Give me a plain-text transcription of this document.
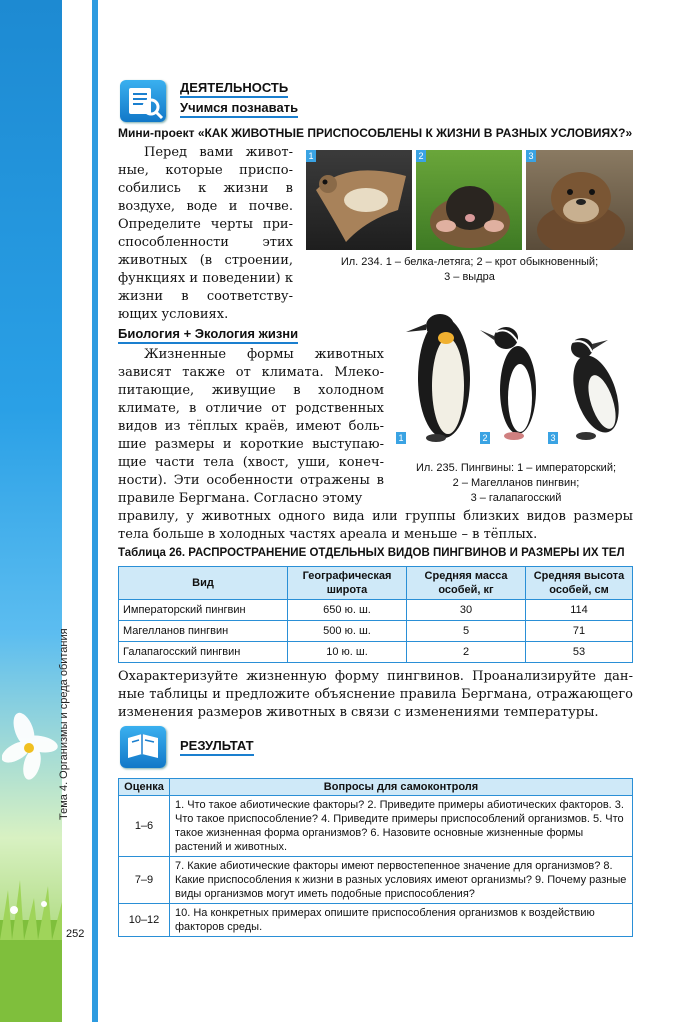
Тема 4. Организмы и среда обитания
252
ДЕЯТЕЛЬНОСТЬ
Учимся познавать
Мини-проект «КАК ЖИВОТНЫЕ ПРИСПОСОБЛЕНЫ К ЖИЗНИ В РАЗНЫХ УСЛОВИЯХ?»
Перед вами животные, которые приспособились к жизни в воздухе, воде и почве. Определите черты приспособленности этих животных (в строении, функциях и поведении) к жизни в соответствующих условиях.
1	2	3
Ил. 234. 1 – белка-летяга; 2 – крот обыкновенный;
3 – выдра
Биология + Экология жизни
Жизненные формы животных зависят также от климата. Млекопитающие, живущие в холодном климате, в отличие от родственных видов из тёплых краёв, имеют большие размеры и короткие выступающие части тела (хвост, уши, конечности). Эти особенности отражены в правиле Бергмана. Согласно этому
правилу, у животных одного вида или группы близких видов размеры тела больше в холодных частях ареала и меньше – в тёплых.
1	2	3
Ил. 235. Пингвины: 1 – императорский;
2 – Магелланов пингвин;
3 – галапагосский
Таблица 26. РАСПРОСТРАНЕНИЕ ОТДЕЛЬНЫХ ВИДОВ ПИНГВИНОВ И РАЗМЕРЫ ИХ ТЕЛ
Вид	Географическая широта	Средняя масса особей, кг	Средняя высота особей, см
Императорский пингвин	650 ю. ш.	30	114
Магелланов пингвин	500 ю. ш.	5	71
Галапагосский пингвин	10 ю. ш.	2	53
Охарактеризуйте жизненную форму пингвинов. Проанализируйте данные таблицы и предложите объяснение правила Бергмана, отражающего изменения размеров животных в связи с изменениями температуры.
РЕЗУЛЬТАТ
Оценка	Вопросы для самоконтроля
1–6	1. Что такое абиотические факторы? 2. Приведите примеры абиотических факторов. 3. Что такое приспособление? 4. Приведите примеры приспособлений организмов. 5. Что такое жизненная форма организмов? 6. Назовите основные жизненные формы растений и животных.
7–9	7. Какие абиотические факторы имеют первостепенное значение для организмов? 8. Какие приспособления к жизни в разных условиях имеют организмы? 9. Почему разные виды организмов могут иметь подобные приспособления?
10–12	10. На конкретных примерах опишите приспособления организмов к воздействию факторов среды.
